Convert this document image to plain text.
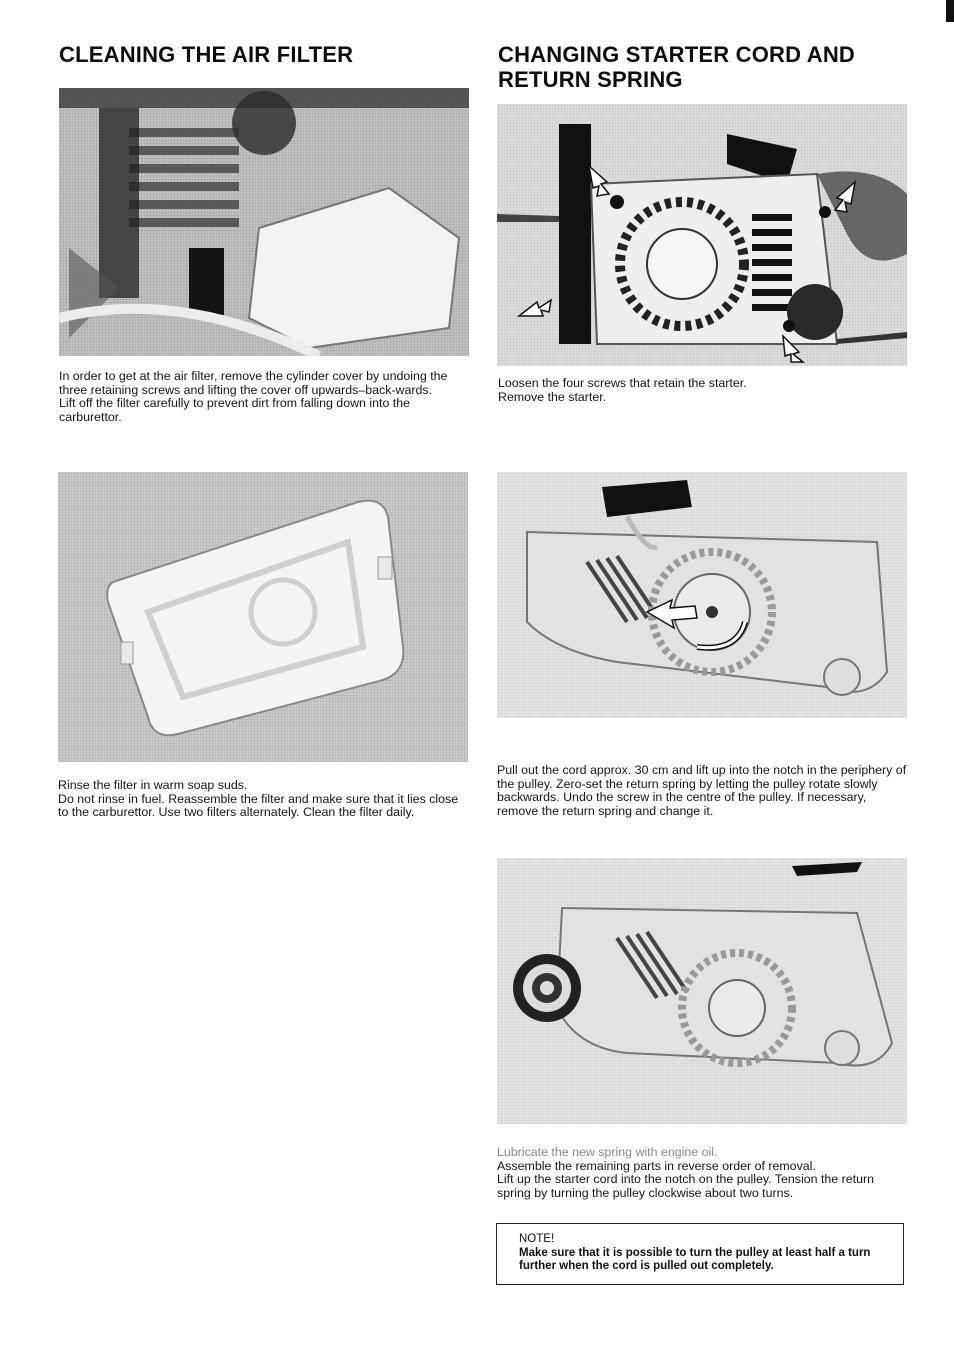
CLEANING THE AIR FILTER

In order to get at the air filter, remove the cylinder cover by undoing the three retaining screws and lifting the cover off upwards–back-wards.

Lift off the filter carefully to prevent dirt from falling down into the carburettor.

Rinse the filter in warm soap suds.

Do not rinse in fuel. Reassemble the filter and make sure that it lies close to the carburettor. Use two filters alternately. Clean the filter daily.

CHANGING STARTER CORD AND RETURN SPRING

Loosen the four screws that retain the starter.

Remove the starter.

Pull out the cord approx. 30 cm and lift up into the notch in the periphery of the pulley. Zero-set the return spring by letting the pulley rotate slowly backwards. Undo the screw in the centre of the pulley. If necessary, remove the return spring and change it.

Lubricate the new spring with engine oil.

Assemble the remaining parts in reverse order of removal.

Lift up the starter cord into the notch on the pulley. Tension the return spring by turning the pulley clockwise about two turns.

NOTE!
Make sure that it is possible to turn the pulley at least half a turn further when the cord is pulled out completely.
